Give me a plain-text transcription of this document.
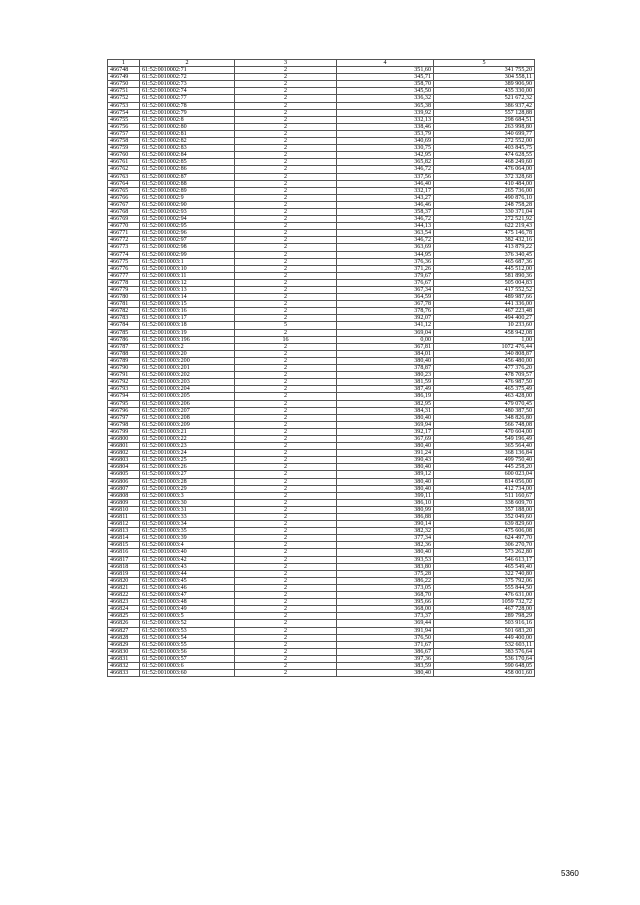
1	2	3	4	5
466748	61:52:0010002:71	2	351,60	341 755,20
466749	61:52:0010002:72	2	345,71	304 558,11
466750	61:52:0010002:73	2	358,70	389 906,90
466751	61:52:0010002:74	2	345,50	435 330,00
466752	61:52:0010002:77	2	336,32	521 672,32
466753	61:52:0010002:78	2	365,38	386 937,42
466754	61:52:0010002:79	2	339,92	557 128,88
466755	61:52:0010002:8	2	332,13	298 684,51
466756	61:52:0010002:80	2	338,46	263 998,80
466757	61:52:0010002:81	2	353,79	340 699,77
466758	61:52:0010002:82	2	340,69	272 552,00
466759	61:52:0010002:83	2	330,75	403 845,75
466760	61:52:0010002:84	2	342,95	474 628,55
466761	61:52:0010002:85	2	365,82	468 249,60
466762	61:52:0010002:86	2	346,72	476 064,00
466763	61:52:0010002:87	2	337,56	372 328,68
466764	61:52:0010002:88	2	346,40	410 484,00
466765	61:52:0010002:89	2	332,17	265 736,00
466766	61:52:0010002:9	2	343,27	490 876,10
466767	61:52:0010002:90	2	346,46	248 758,28
466768	61:52:0010002:93	2	358,37	330 371,04
466769	61:52:0010002:94	2	346,72	272 521,92
466770	61:52:0010002:95	2	344,13	622 219,43
466771	61:52:0010002:96	2	363,54	475 146,78
466772	61:52:0010002:97	2	346,72	382 432,16
466773	61:52:0010002:98	2	363,69	413 879,22
466774	61:52:0010002:99	2	344,95	376 340,45
466775	61:52:0010003:1	2	376,36	465 687,36
466776	61:52:0010003:10	2	371,26	445 512,00
466777	61:52:0010003:11	2	379,67	581 890,36
466778	61:52:0010003:12	2	376,67	505 004,83
466779	61:52:0010003:13	2	367,34	417 552,52
466780	61:52:0010003:14	2	364,59	489 987,66
466781	61:52:0010003:15	2	367,78	441 336,00
466782	61:52:0010003:16	2	378,76	467 223,48
466783	61:52:0010003:17	2	392,07	494 400,27
466784	61:52:0010003:18	5	341,12	10 233,60
466785	61:52:0010003:19	2	369,04	458 942,08
466786	61:52:0010003:196	16	0,00	1,00
466787	61:52:0010003:2	2	367,81	1072 476,44
466788	61:52:0010003:20	2	384,01	340 808,87
466789	61:52:0010003:200	2	380,40	456 480,00
466790	61:52:0010003:201	2	378,87	477 376,20
466791	61:52:0010003:202	2	380,23	478 709,57
466792	61:52:0010003:203	2	381,59	476 987,50
466793	61:52:0010003:204	2	387,49	465 375,49
466794	61:52:0010003:205	2	386,19	463 428,00
466795	61:52:0010003:206	2	382,95	479 070,45
466796	61:52:0010003:207	2	384,31	480 387,50
466797	61:52:0010003:208	2	380,40	348 826,80
466798	61:52:0010003:209	2	369,94	566 748,08
466799	61:52:0010003:21	2	392,17	470 604,00
466800	61:52:0010003:22	2	367,69	549 196,49
466801	61:52:0010003:23	2	380,40	365 564,40
466802	61:52:0010003:24	2	391,24	368 136,84
466803	61:52:0010003:25	2	390,43	499 750,40
466804	61:52:0010003:26	2	380,40	445 258,20
466805	61:52:0010003:27	2	389,12	600 023,04
466806	61:52:0010003:28	2	380,40	814 056,00
466807	61:52:0010003:29	2	380,40	412 734,00
466808	61:52:0010003:3	2	399,11	511 160,67
466809	61:52:0010003:30	2	386,10	338 609,70
466810	61:52:0010003:31	2	380,99	357 188,00
466811	61:52:0010003:33	2	386,88	352 049,60
466812	61:52:0010003:34	2	390,14	639 829,60
466813	61:52:0010003:35	2	382,32	475 606,08
466814	61:52:0010003:39	2	377,34	624 497,70
466815	61:52:0010003:4	2	382,36	306 270,70
466816	61:52:0010003:40	2	380,40	573 262,80
466817	61:52:0010003:42	2	393,53	546 613,17
466818	61:52:0010003:43	2	383,80	465 549,40
466819	61:52:0010003:44	2	375,28	322 740,80
466820	61:52:0010003:45	2	386,22	375 792,06
466821	61:52:0010003:46	2	373,05	555 844,50
466822	61:52:0010003:47	2	368,70	476 631,00
466823	61:52:0010003:48	2	395,66	1059 732,72
466824	61:52:0010003:49	2	368,00	467 728,00
466825	61:52:0010003:5	2	373,37	289 798,29
466826	61:52:0010003:52	2	369,44	503 916,16
466827	61:52:0010003:53	2	391,94	501 683,20
466828	61:52:0010003:54	2	376,50	449 400,00
466829	61:52:0010003:55	2	371,67	532 603,11
466830	61:52:0010003:56	2	386,67	383 576,64
466831	61:52:0010003:57	2	397,36	536 170,64
466832	61:52:0010003:6	2	383,59	590 648,05
466833	61:52:0010003:60	2	380,40	458 001,60
5360
